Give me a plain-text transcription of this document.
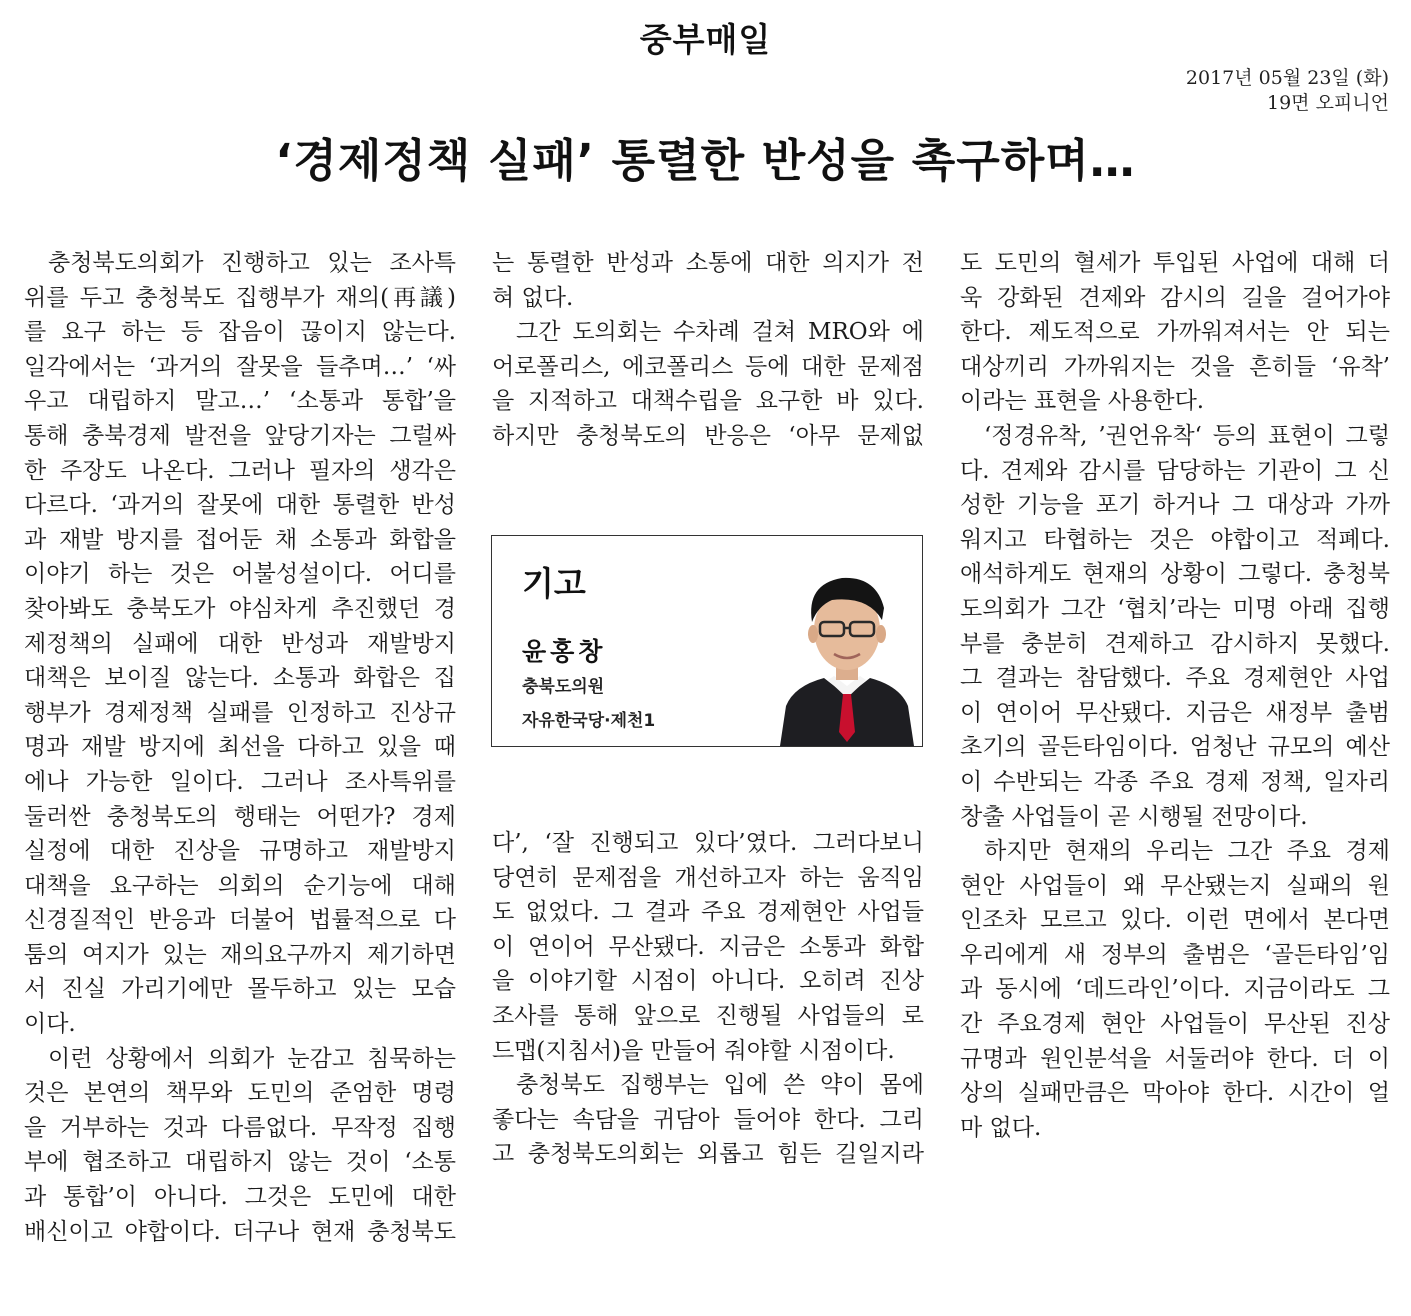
중부매일
2017년 05월 23일 (화)
19면 오피니언
‘경제정책 실패’ 통렬한 반성을 촉구하며…

충청북도의회가 진행하고 있는 조사특

위를 두고 충청북도 집행부가 재의(再議)

를 요구 하는 등 잡음이 끊이지 않는다.

일각에서는 ‘과거의 잘못을 들추며…’ ‘싸

우고 대립하지 말고…’ ‘소통과 통합’을

통해 충북경제 발전을 앞당기자는 그럴싸

한 주장도 나온다. 그러나 필자의 생각은

다르다. ‘과거의 잘못에 대한 통렬한 반성

과 재발 방지를 접어둔 채 소통과 화합을

이야기 하는 것은 어불성설이다. 어디를

찾아봐도 충북도가 야심차게 추진했던 경

제정책의 실패에 대한 반성과 재발방지

대책은 보이질 않는다. 소통과 화합은 집

행부가 경제정책 실패를 인정하고 진상규

명과 재발 방지에 최선을 다하고 있을 때

에나 가능한 일이다. 그러나 조사특위를

둘러싼 충청북도의 행태는 어떤가? 경제

실정에 대한 진상을 규명하고 재발방지

대책을 요구하는 의회의 순기능에 대해

신경질적인 반응과 더불어 법률적으로 다

툼의 여지가 있는 재의요구까지 제기하면

서 진실 가리기에만 몰두하고 있는 모습

이다.

이런 상황에서 의회가 눈감고 침묵하는

것은 본연의 책무와 도민의 준엄한 명령

을 거부하는 것과 다름없다. 무작정 집행

부에 협조하고 대립하지 않는 것이 ‘소통

과 통합’이 아니다. 그것은 도민에 대한

배신이고 야합이다. 더구나 현재 충청북도

는 통렬한 반성과 소통에 대한 의지가 전

혀 없다.

그간 도의회는 수차례 걸쳐 MRO와 에

어로폴리스, 에코폴리스 등에 대한 문제점

을 지적하고 대책수립을 요구한 바 있다.

하지만 충청북도의 반응은 ‘아무 문제없

기고
윤홍창
충북도의원
자유한국당·제천1

다’, ‘잘 진행되고 있다’였다. 그러다보니

당연히 문제점을 개선하고자 하는 움직임

도 없었다. 그 결과 주요 경제현안 사업들

이 연이어 무산됐다. 지금은 소통과 화합

을 이야기할 시점이 아니다. 오히려 진상

조사를 통해 앞으로 진행될 사업들의 로

드맵(지침서)을 만들어 줘야할 시점이다.

충청북도 집행부는 입에 쓴 약이 몸에

좋다는 속담을 귀담아 들어야 한다. 그리

고 충청북도의회는 외롭고 힘든 길일지라

도 도민의 혈세가 투입된 사업에 대해 더

욱 강화된 견제와 감시의 길을 걸어가야

한다. 제도적으로 가까워져서는 안 되는

대상끼리 가까워지는 것을 흔히들 ‘유착’

이라는 표현을 사용한다.

‘정경유착, ’권언유착‘ 등의 표현이 그렇

다. 견제와 감시를 담당하는 기관이 그 신

성한 기능을 포기 하거나 그 대상과 가까

워지고 타협하는 것은 야합이고 적폐다.

애석하게도 현재의 상황이 그렇다. 충청북

도의회가 그간 ‘협치’라는 미명 아래 집행

부를 충분히 견제하고 감시하지 못했다.

그 결과는 참담했다. 주요 경제현안 사업

이 연이어 무산됐다. 지금은 새정부 출범

초기의 골든타임이다. 엄청난 규모의 예산

이 수반되는 각종 주요 경제 정책, 일자리

창출 사업들이 곧 시행될 전망이다.

하지만 현재의 우리는 그간 주요 경제

현안 사업들이 왜 무산됐는지 실패의 원

인조차 모르고 있다. 이런 면에서 본다면

우리에게 새 정부의 출범은 ‘골든타임’임

과 동시에 ‘데드라인’이다. 지금이라도 그

간 주요경제 현안 사업들이 무산된 진상

규명과 원인분석을 서둘러야 한다. 더 이

상의 실패만큼은 막아야 한다. 시간이 얼

마 없다.
